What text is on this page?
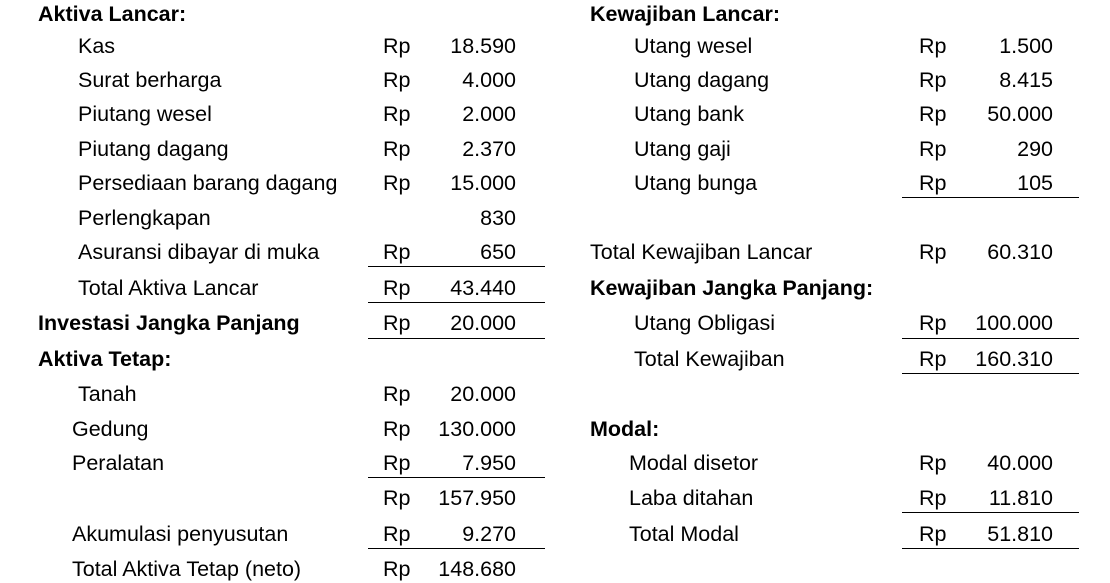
Aktiva Lancar:
Kas	Rp 18.590
Surat berharga	Rp 4.000
Piutang wesel	Rp 2.000
Piutang dagang	Rp 2.370
Persediaan barang dagang Rp 15.000
Perlengkapan	830
Asuransi dibayar di muka	Rp	650
Total Aktiva Lancar	Rp 43.440
Investasi Jangka Panjang	Rp 20.000
Aktiva Tetap:
Tanah	Rp 20.000
Gedung	Rp 130.000
Peralatan	Rp 7.950
Rp 157.950
Akumulasi penyusutan	Rp 9.270
Total Aktiva Tetap (neto)	Rp 148.680
Kewajiban Lancar:
Utang wesel	Rp 1.500
Utang dagang	Rp 8.415
Utang bank	Rp 50.000
Utang gaji	Rp	290
Utang bunga	Rp	105
Total Kewajiban Lancar	Rp 60.310
Kewajiban Jangka Panjang:
Utang Obligasi	Rp 100.000
Total Kewajiban	Rp 160.310
Modal:
Modal disetor	Rp 40.000
Laba ditahan	Rp 11.810
Total Modal	Rp 51.810
